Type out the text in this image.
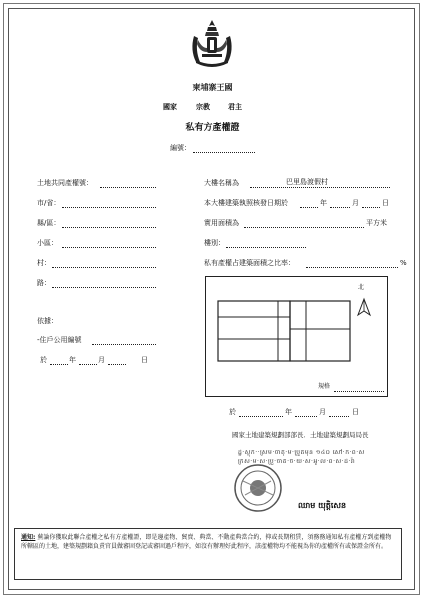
柬埔寨王國
國家	宗教	君主
私有方產權證
編號：
土地共同產權號：
市/省：
縣/區：
小區：
村：
路：
依據：
-住戶公用編號
於	年	月	日
大樓名稱為	巴里島渡假村
本大樓建築執照核發日期於	年	月	日
實用面積為	平方米
樓別：
私有產權占建築面積之比率：	%
北
規格
於	年	月	日
國家土地建築規劃部部長．土地建築規劃局局長
ដ្ឋ·ស្ថុក··ស្រម·ចាតុ·ម·ប្រួតមុន ១៤០ សៅ·ក·ព·ស
ក្រស·ម·ស·ប្រួ·ចាត·ច·យ·ស·អូ·ល·ព·ស·ដ·រ៉ា
ឈាម យុត្តិសេន
通知: 蕪論你獲取此聯合產權之私有方產權證，即是邊產物、貿賣、典當、不動產典當合約，抑或長期租賃，須務務通知私有產權方到產權物所轄區的土地，建築規劃籍負責官員做審固登記或審固過戶程序，如沒有辦理好此程序，該產權物均不能視為你的產權所有或保證金所有。
